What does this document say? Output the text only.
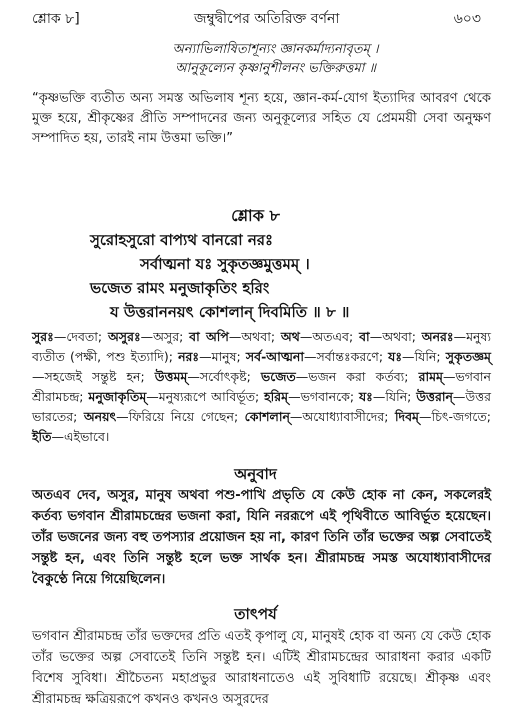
শ্লোক ৮]	জম্বুদ্বীপের অতিরিক্ত বর্ণনা	৬০৩
অন্যাভিলাষিতাশূন্যং জ্ঞানকর্মাদ্যনাবৃতম্ ।
আনুকূল্যেন কৃষ্ণানুশীলনং ভক্তিরুত্তমা ॥
“কৃষ্ণভক্তি ব্যতীত অন্য সমস্ত অভিলাষ শূন্য হয়ে, জ্ঞান-কর্ম-যোগ ইত্যাদির আবরণ থেকে মুক্ত হয়ে, শ্রীকৃষ্ণের প্রীতি সম্পাদনের জন্য অনুকূল্যের সহিত যে প্রেমময়ী সেবা অনুক্ষণ সম্পাদিত হয়, তারই নাম উত্তমা ভক্তি।”
শ্লোক ৮
সুরোহসুরো বাপ্যথ বানরো নরঃ
সর্বাত্মনা যঃ সুকৃতজ্ঞমুত্তমম্ ।
ভজেত রামং মনুজাকৃতিং হরিং
য উত্তরাননয়ৎ কোশলান্ দিবমিতি ॥ ৮ ॥
সুরঃ—দেবতা; অসুরঃ—অসুর; বা অপি—অথবা; অথ—অতএব; বা—অথবা; অনরঃ—মনুষ্য ব্যতীত (পক্ষী, পশু ইত্যাদি); নরঃ—মানুষ; সর্ব-আত্মনা—সর্বান্তঃকরণে; যঃ—যিনি; সুকৃতজ্ঞম্—সহজেই সন্তুষ্ট হন; উত্তমম্—সর্বোৎকৃষ্ট; ভজেত—ভজন করা কর্তব্য; রামম্—ভগবান শ্রীরামচন্দ্র; মনুজাকৃতিম্—মনুষ্যরূপে আবির্ভূত; হরিম্—ভগবানকে; যঃ—যিনি; উত্তরান্—উত্তর ভারতের; অনয়ৎ—ফিরিয়ে নিয়ে গেছেন; কোশলান্—অযোধ্যাবাসীদের; দিবম্—চিৎ-জগতে; ইতি—এইভাবে।
অনুবাদ
অতএব দেব, অসুর, মানুষ অথবা পশু-পাখি প্রভৃতি যে কেউ হোক না কেন, সকলেরই কর্তব্য ভগবান শ্রীরামচন্দ্রের ভজনা করা, যিনি নররূপে এই পৃথিবীতে আবির্ভূত হয়েছেন। তাঁর ভজনের জন্য বহু তপস্যার প্রয়োজন হয় না, কারণ তিনি তাঁর ভক্তের অল্প সেবাতেই সন্তুষ্ট হন, এবং তিনি সন্তুষ্ট হলে ভক্ত সার্থক হন। শ্রীরামচন্দ্র সমস্ত অযোধ্যাবাসীদের বৈকুণ্ঠে নিয়ে গিয়েছিলেন।
তাৎপর্য
ভগবান শ্রীরামচন্দ্র তাঁর ভক্তদের প্রতি এতই কৃপালু যে, মানুষই হোক বা অন্য যে কেউ হোক তাঁর ভক্তের অল্প সেবাতেই তিনি সন্তুষ্ট হন। এটিই শ্রীরামচন্দ্রের আরাধনা করার একটি বিশেষ সুবিধা। শ্রীচৈতন্য মহাপ্রভুর আরাধনাতেও এই সুবিধাটি রয়েছে। শ্রীকৃষ্ণ এবং শ্রীরামচন্দ্র ক্ষত্রিয়রূপে কখনও কখনও অসুরদের
